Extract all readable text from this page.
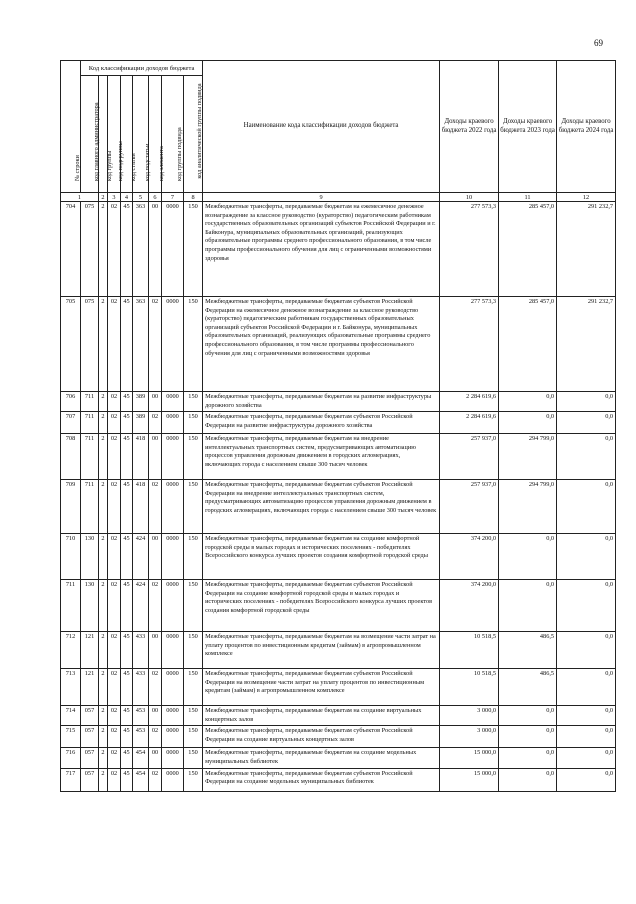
69
№ строки	Код классификации доходов бюджета								Наименование кода классификации доходов бюджета	Доходы краевого бюджета 2022 года	Доходы краевого бюджета 2023 года	Доходы краевого бюджета 2024 года

	код главного администратора	код группы	код подгруппы	код статьи	код подстатьи	код элемента	код группы подвида	код аналитической группы подвида				

1		2	3	4	5	6	7	8	9	10	11	12
704	075	2	02	45	363	00	0000	150	Межбюджетные трансферты, передаваемые бюджетам на ежемесячное денежное вознаграждение за классное руководство (кураторство) педагогическим работникам государственных образовательных организаций субъектов Российской Федерации и г. Байконура, муниципальных образовательных организаций, реализующих образовательные программы среднего профессионального образования, в том числе программы профессионального обучения для лиц с ограниченными возможностями здоровья	277 573,3	285 457,0	291 232,7
705	075	2	02	45	363	02	0000	150	Межбюджетные трансферты, передаваемые бюджетам субъектов Российской Федерации на ежемесячное денежное вознаграждение за классное руководство (кураторство) педагогическим работникам государственных образовательных организаций субъектов Российской Федерации и г. Байконура, муниципальных образовательных организаций, реализующих образовательные программы среднего профессионального образования, в том числе программы профессионального обучения для лиц с ограниченными возможностями здоровья	277 573,3	285 457,0	291 232,7
706	711	2	02	45	389	00	0000	150	Межбюджетные трансферты, передаваемые бюджетам на развитие инфраструктуры дорожного хозяйства	2 284 619,6	0,0	0,0
707	711	2	02	45	389	02	0000	150	Межбюджетные трансферты, передаваемые бюджетам субъектов Российской Федерации на развитие инфраструктуры дорожного хозяйства	2 284 619,6	0,0	0,0
708	711	2	02	45	418	00	0000	150	Межбюджетные трансферты, передаваемые бюджетам на внедрение интеллектуальных транспортных систем, предусматривающих автоматизацию процессов управления дорожным движением в городских агломерациях, включающих города с населением свыше 300 тысяч человек	257 937,0	294 799,0	0,0
709	711	2	02	45	418	02	0000	150	Межбюджетные трансферты, передаваемые бюджетам субъектов Российской Федерации на внедрение интеллектуальных транспортных систем, предусматривающих автоматизацию процессов управления дорожным движением в городских агломерациях, включающих города с населением свыше 300 тысяч человек	257 937,0	294 799,0	0,0
710	130	2	02	45	424	00	0000	150	Межбюджетные трансферты, передаваемые бюджетам на создание комфортной городской среды в малых городах и исторических поселениях - победителях Всероссийского конкурса лучших проектов создания комфортной городской среды	374 200,0	0,0	0,0
711	130	2	02	45	424	02	0000	150	Межбюджетные трансферты, передаваемые бюджетам субъектов Российской Федерации на создание комфортной городской среды в малых городах и исторических поселениях - победителях Всероссийского конкурса лучших проектов создания комфортной городской среды	374 200,0	0,0	0,0
712	121	2	02	45	433	00	0000	150	Межбюджетные трансферты, передаваемые бюджетам на возмещение части затрат на уплату процентов по инвестиционным кредитам (займам) в агропромышленном комплексе	10 518,5	486,5	0,0
713	121	2	02	45	433	02	0000	150	Межбюджетные трансферты, передаваемые бюджетам субъектов Российской Федерации на возмещение части затрат на уплату процентов по инвестиционным кредитам (займам) в агропромышленном комплексе	10 518,5	486,5	0,0
714	057	2	02	45	453	00	0000	150	Межбюджетные трансферты, передаваемые бюджетам на создание виртуальных концертных залов	3 000,0	0,0	0,0
715	057	2	02	45	453	02	0000	150	Межбюджетные трансферты, передаваемые бюджетам субъектов Российской Федерации на создание виртуальных концертных залов	3 000,0	0,0	0,0
716	057	2	02	45	454	00	0000	150	Межбюджетные трансферты, передаваемые бюджетам на создание модельных муниципальных библиотек	15 000,0	0,0	0,0
717	057	2	02	45	454	02	0000	150	Межбюджетные трансферты, передаваемые бюджетам субъектов Российской Федерации на создание модельных муниципальных библиотек	15 000,0	0,0	0,0
